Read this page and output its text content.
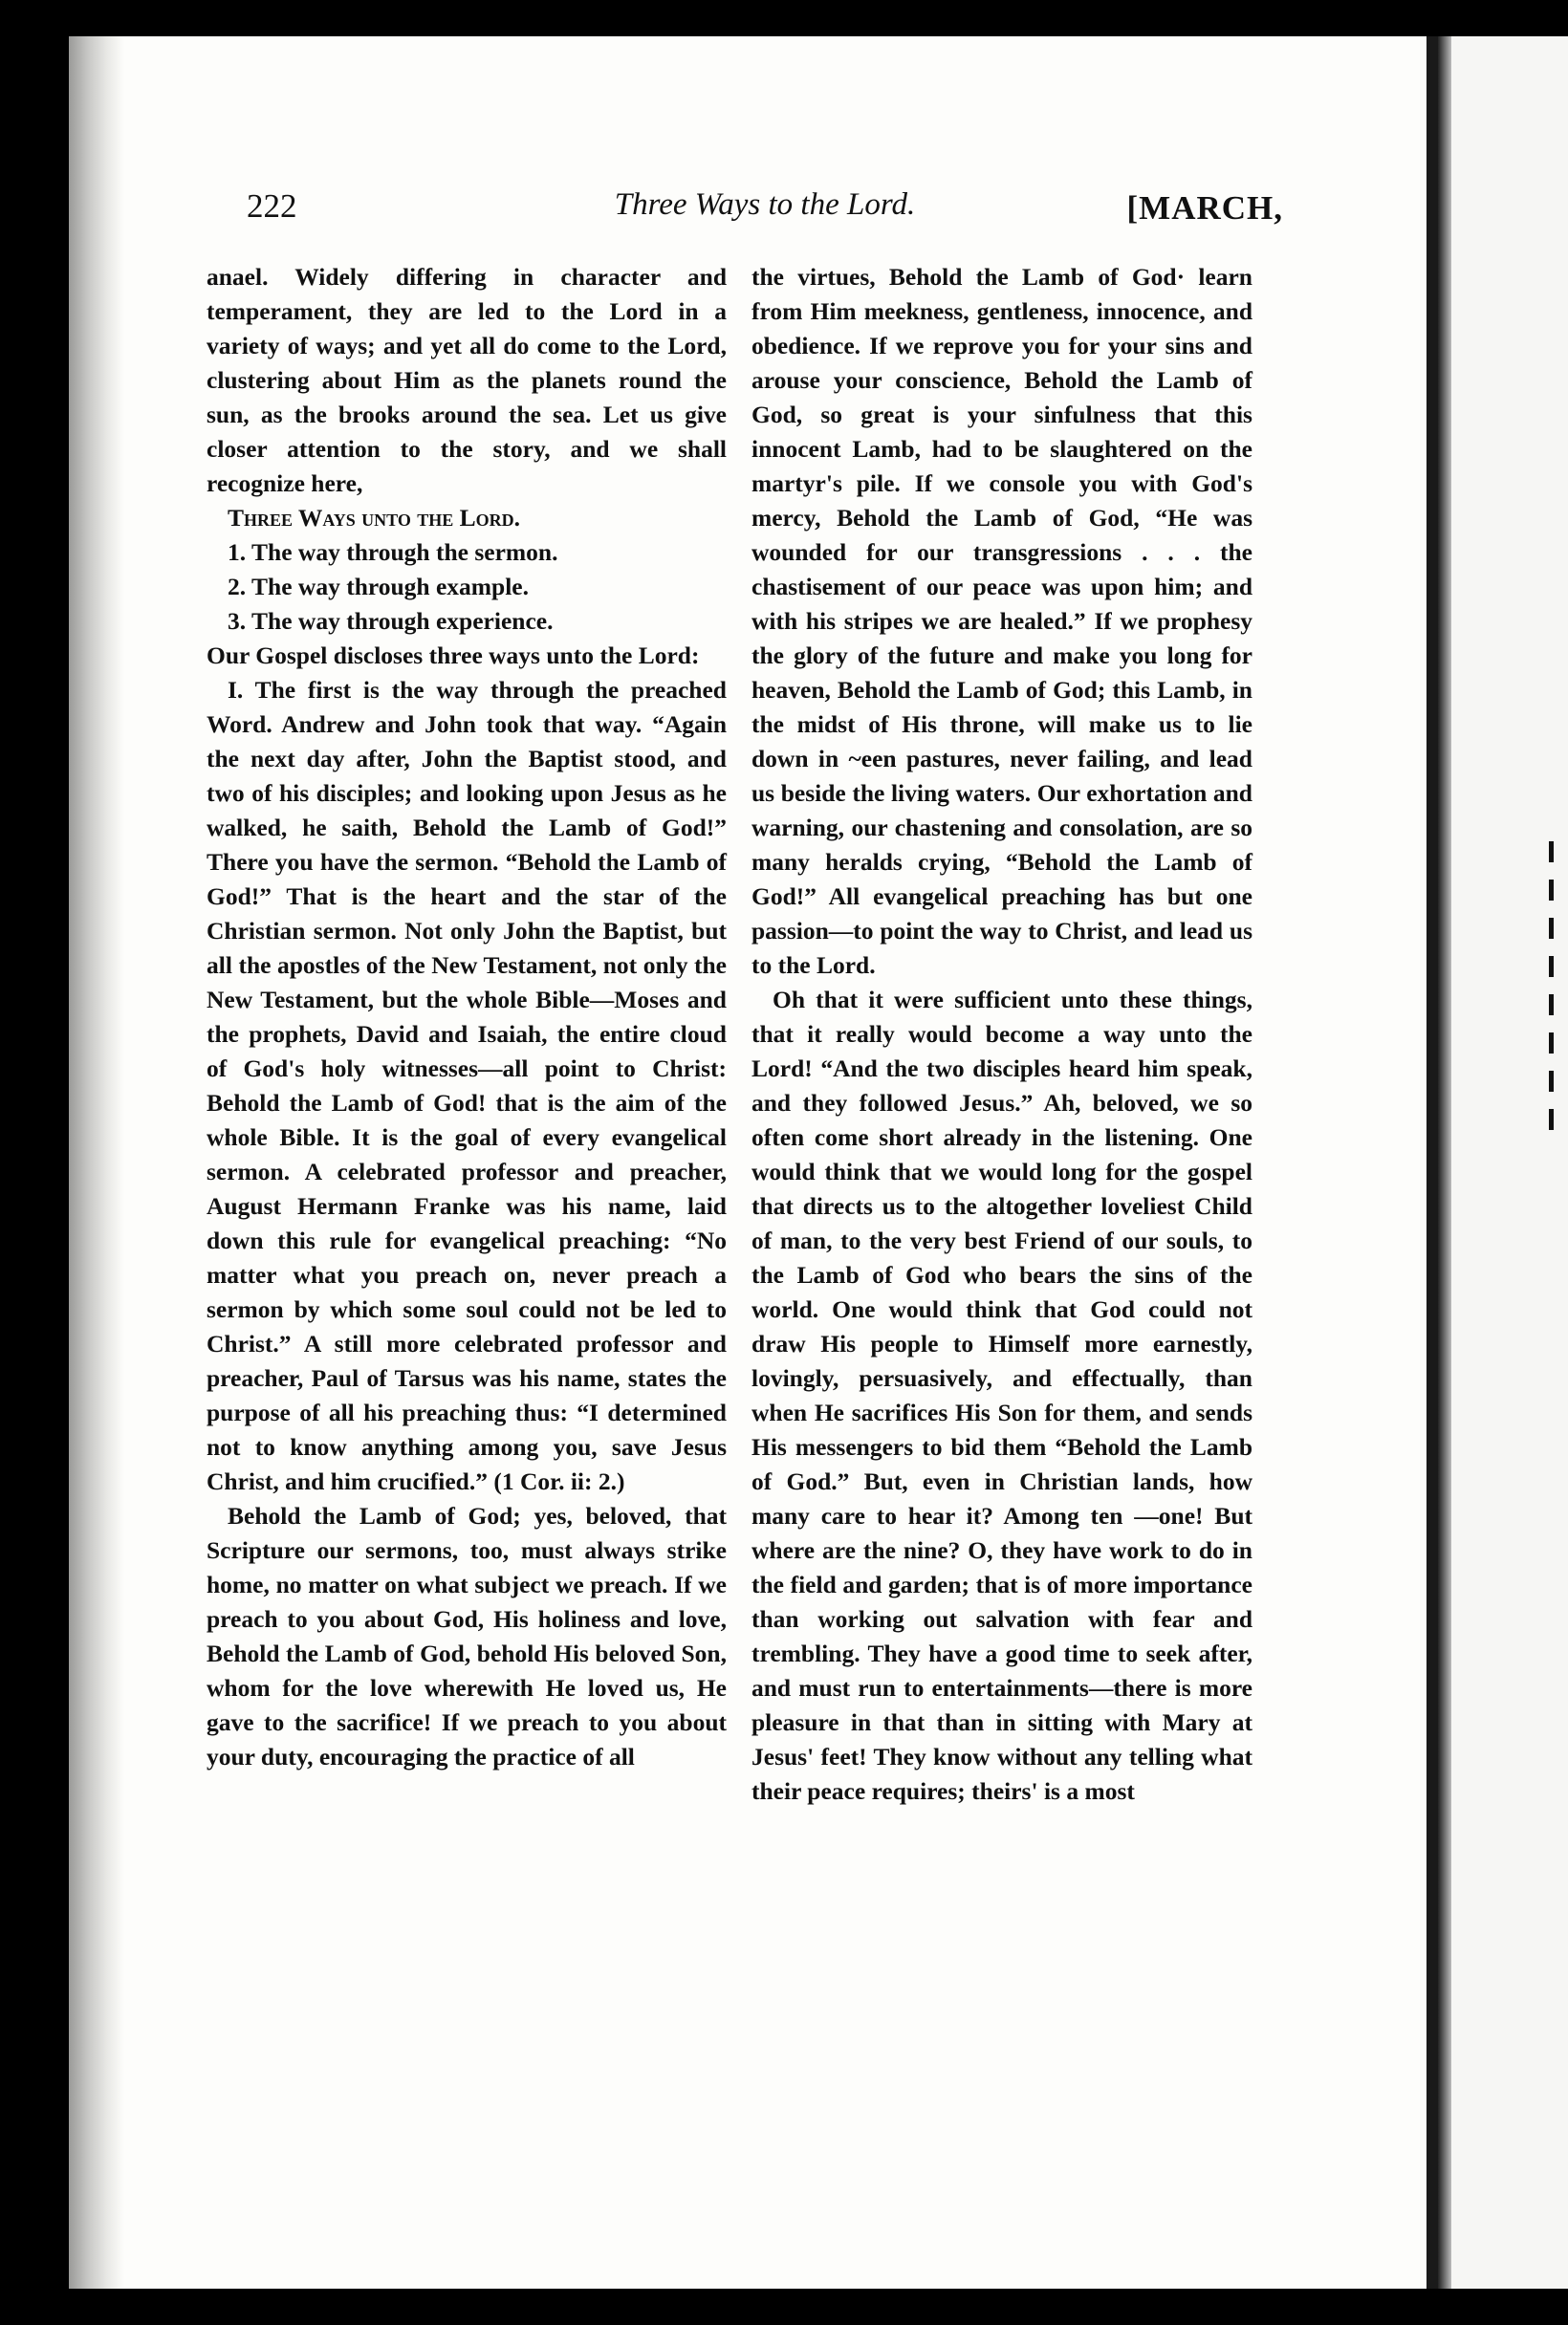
222	Three Ways to the Lord.	[MARCH,

anael. Widely differing in character and temperament, they are led to the Lord in a variety of ways; and yet all do come to the Lord, clustering about Him as the planets round the sun, as the brooks around the sea. Let us give closer attention to the story, and we shall recognize here,

Three Ways unto the Lord.

1. The way through the sermon.

2. The way through example.

3. The way through experience.

Our Gospel discloses three ways unto the Lord:

I. The first is the way through the preached Word. Andrew and John took that way. “Again the next day after, John the Baptist stood, and two of his disciples; and looking upon Jesus as he walked, he saith, Behold the Lamb of God!” There you have the sermon. “Behold the Lamb of God!” That is the heart and the star of the Christian sermon. Not only John the Baptist, but all the apostles of the New Testament, not only the New Testament, but the whole Bible—Moses and the prophets, David and Isaiah, the entire cloud of God's holy witnesses—all point to Christ: Behold the Lamb of God! that is the aim of the whole Bible. It is the goal of every evangelical sermon. A celebrated professor and preacher, August Hermann Franke was his name, laid down this rule for evangelical preaching: “No matter what you preach on, never preach a sermon by which some soul could not be led to Christ.” A still more celebrated professor and preacher, Paul of Tarsus was his name, states the purpose of all his preaching thus: “I determined not to know anything among you, save Jesus Christ, and him crucified.” (1 Cor. ii: 2.)

Behold the Lamb of God; yes, beloved, that Scripture our sermons, too, must always strike home, no matter on what subject we preach. If we preach to you about God, His holiness and love, Behold the Lamb of God, behold His beloved Son, whom for the love wherewith He loved us, He gave to the sacrifice! If we preach to you about your duty, encouraging the practice of all

the virtues, Behold the Lamb of God· learn from Him meekness, gentleness, innocence, and obedience. If we reprove you for your sins and arouse your conscience, Behold the Lamb of God, so great is your sinfulness that this innocent Lamb, had to be slaughtered on the martyr's pile. If we console you with God's mercy, Behold the Lamb of God, “He was wounded for our transgressions . . . the chastisement of our peace was upon him; and with his stripes we are healed.” If we prophesy the glory of the future and make you long for heaven, Behold the Lamb of God; this Lamb, in the midst of His throne, will make us to lie down in ~een pastures, never failing, and lead us beside the living waters. Our exhortation and warning, our chastening and consolation, are so many heralds crying, “Behold the Lamb of God!” All evangelical preaching has but one passion—to point the way to Christ, and lead us to the Lord.

Oh that it were sufficient unto these things, that it really would become a way unto the Lord! “And the two disciples heard him speak, and they followed Jesus.” Ah, beloved, we so often come short already in the listening. One would think that we would long for the gospel that directs us to the altogether loveliest Child of man, to the very best Friend of our souls, to the Lamb of God who bears the sins of the world. One would think that God could not draw His people to Himself more earnestly, lovingly, persuasively, and effectually, than when He sacrifices His Son for them, and sends His messengers to bid them “Behold the Lamb of God.” But, even in Christian lands, how many care to hear it? Among ten —one! But where are the nine? O, they have work to do in the field and garden; that is of more importance than working out salvation with fear and trembling. They have a good time to seek after, and must run to entertainments—there is more pleasure in that than in sitting with Mary at Jesus' feet! They know without any telling what their peace requires; theirs' is a most
